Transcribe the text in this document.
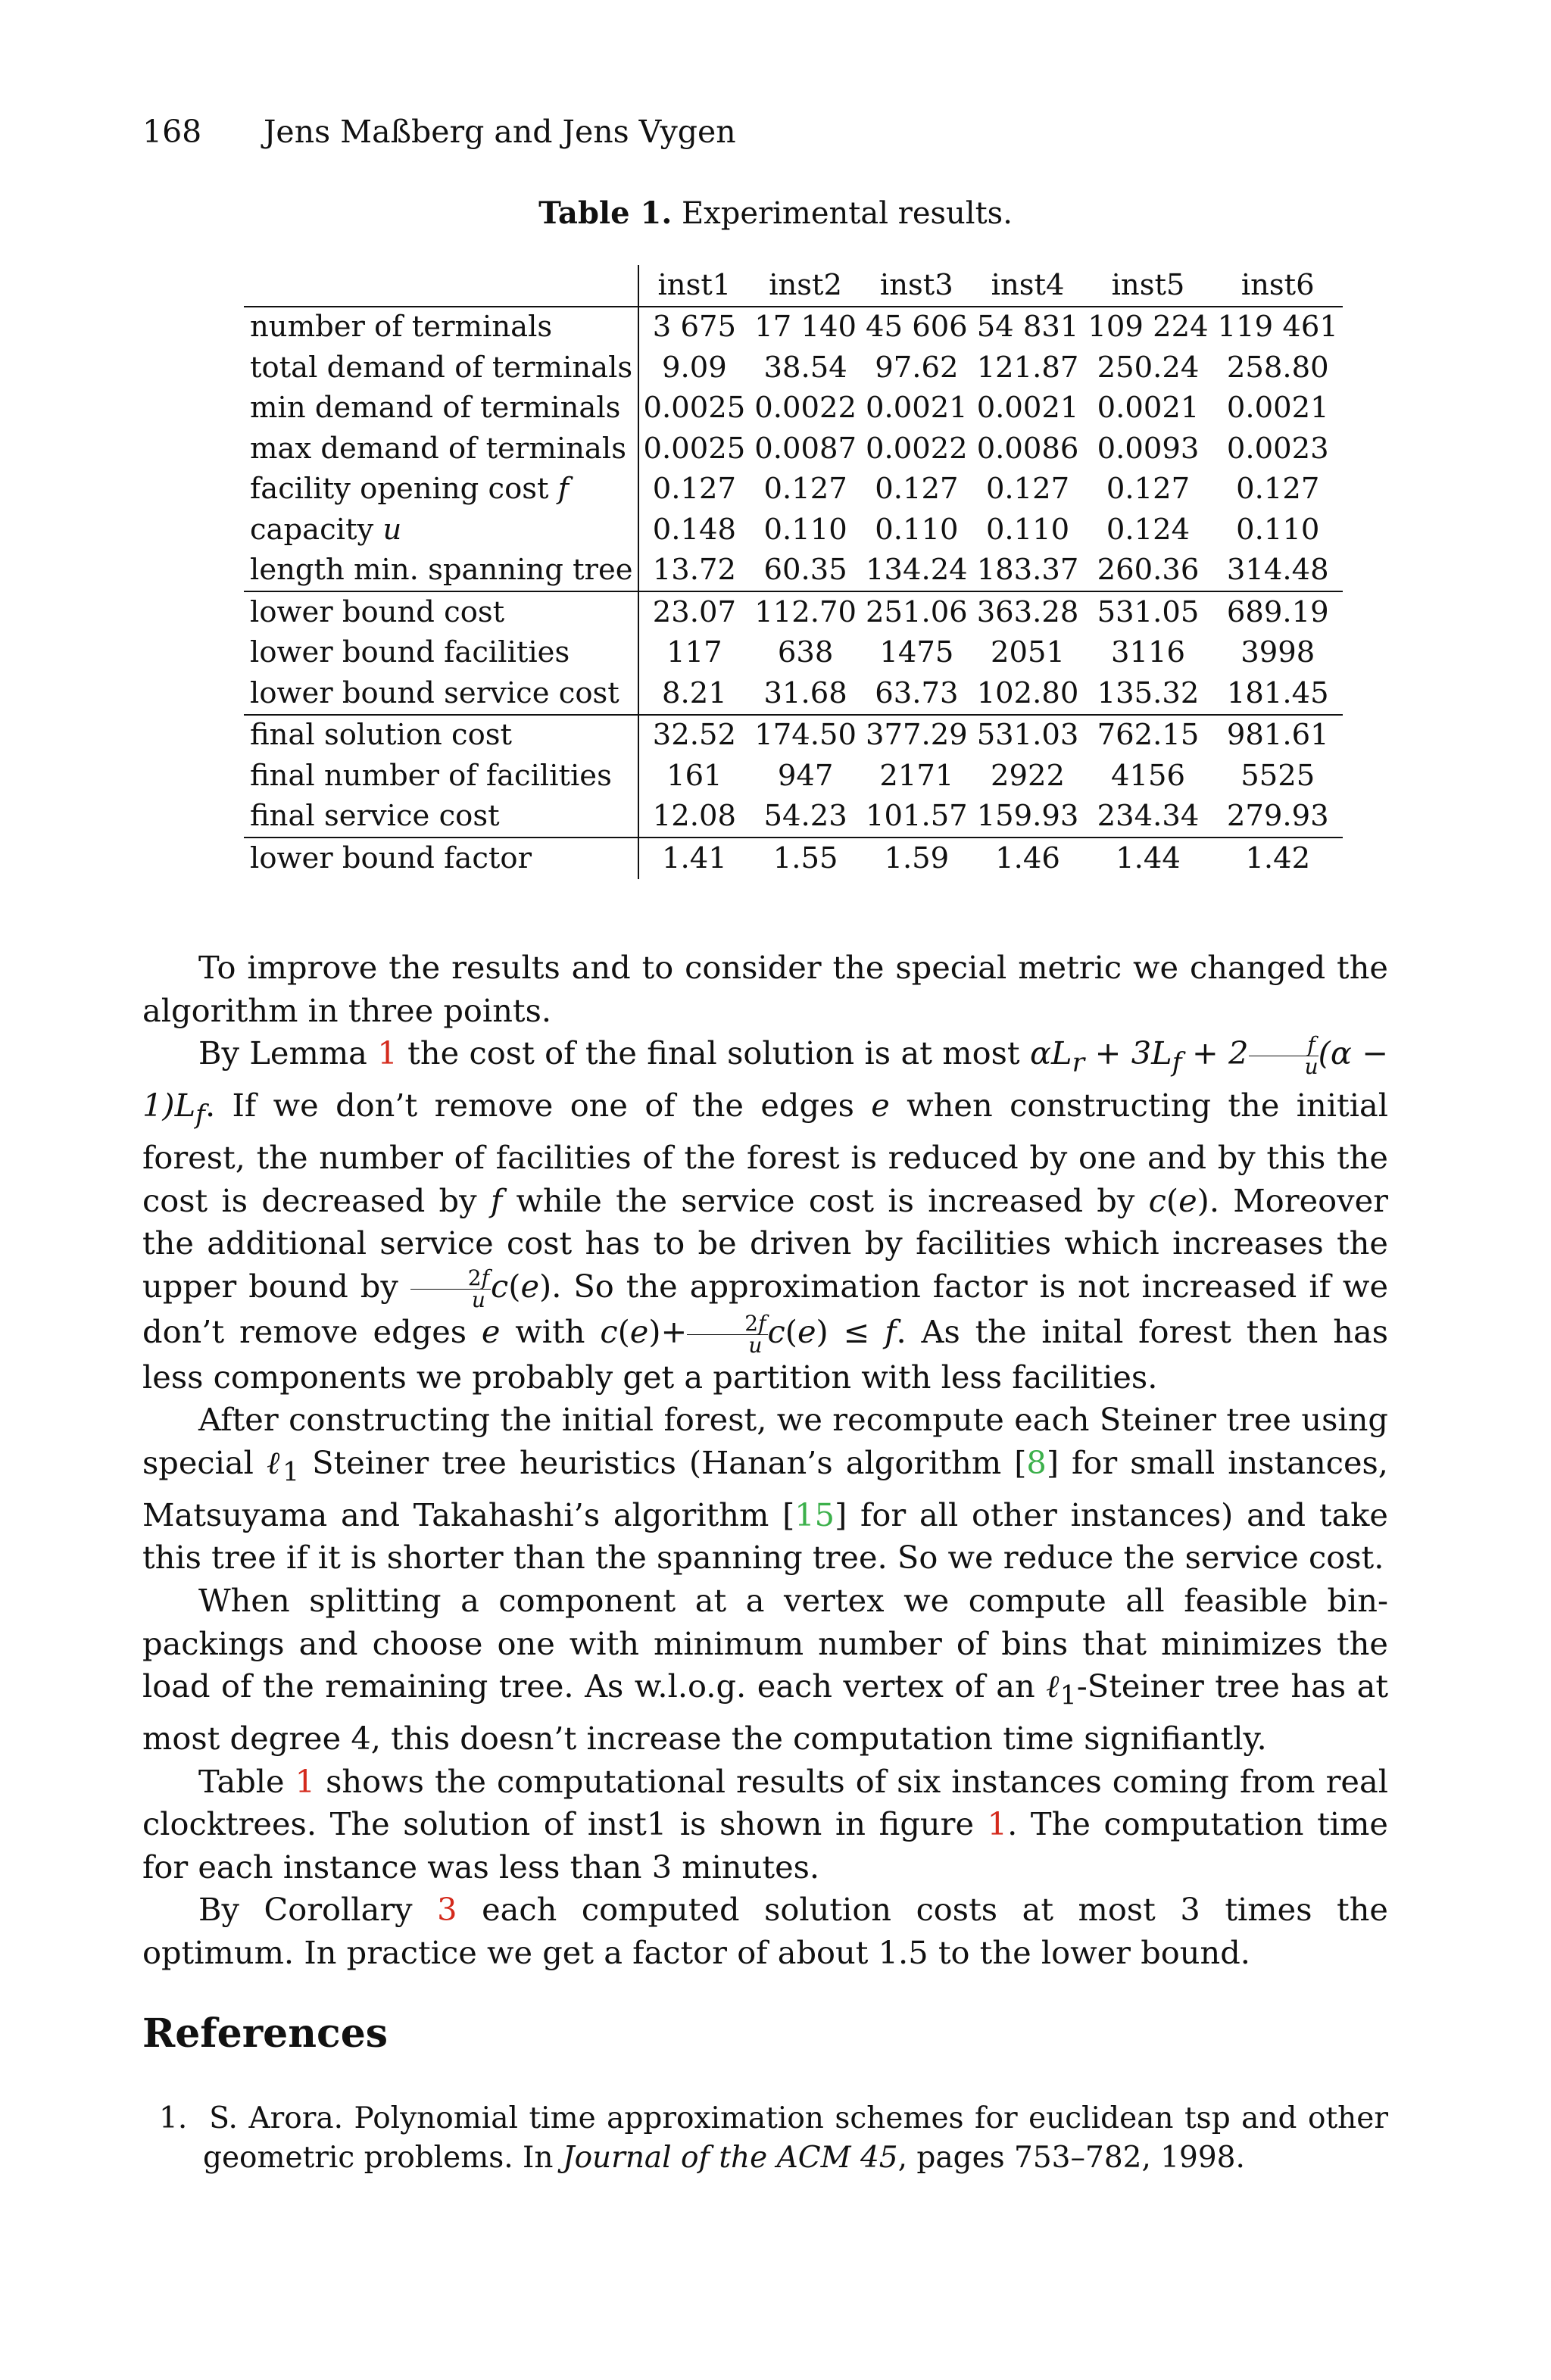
168 Jens Maßberg and Jens Vygen
Table 1. Experimental results.
	inst1	inst2	inst3	inst4	inst5	inst6
number of terminals	3 675	17 140	45 606	54 831	109 224	119 461
total demand of terminals	9.09	38.54	97.62	121.87	250.24	258.80
min demand of terminals	0.0025	0.0022	0.0021	0.0021	0.0021	0.0021
max demand of terminals	0.0025	0.0087	0.0022	0.0086	0.0093	0.0023
facility opening cost f	0.127	0.127	0.127	0.127	0.127	0.127
capacity u	0.148	0.110	0.110	0.110	0.124	0.110
length min. spanning tree	13.72	60.35	134.24	183.37	260.36	314.48
lower bound cost	23.07	112.70	251.06	363.28	531.05	689.19
lower bound facilities	117	638	1475	2051	3116	3998
lower bound service cost	8.21	31.68	63.73	102.80	135.32	181.45
final solution cost	32.52	174.50	377.29	531.03	762.15	981.61
final number of facilities	161	947	2171	2922	4156	5525
final service cost	12.08	54.23	101.57	159.93	234.34	279.93
lower bound factor	1.41	1.55	1.59	1.46	1.44	1.42

To improve the results and to consider the special metric we changed the algorithm in three points.

By Lemma 1 the cost of the final solution is at most $\alpha L_r + 3L_f + 2 \frac{f}{u} (\alpha - 1)L_f$. If we don’t remove one of the edges e when constructing the initial forest, the number of facilities of the forest is reduced by one and by this the cost is decreased by f while the service cost is increased by c(e). Moreover the additional service cost has to be driven by facilities which increases the upper bound by $\frac{2f}{u} c(e)$. So the approximation factor is not increased if we don’t remove edges e with $c(e)+ \frac{2f}{u} c(e) \le f$. As the inital forest then has less components we probably get a partition with less facilities.

After constructing the initial forest, we recompute each Steiner tree using special ℓ$_1$ Steiner tree heuristics (Hanan’s algorithm [8] for small instances, Matsuyama and Takahashi’s algorithm [15] for all other instances) and take this tree if it is shorter than the spanning tree. So we reduce the service cost.

When splitting a component at a vertex we compute all feasible bin-packings and choose one with minimum number of bins that minimizes the load of the remaining tree. As w.l.o.g. each vertex of an ℓ$_1$-Steiner tree has at most degree 4, this doesn’t increase the computation time signifiantly.

Table 1 shows the computational results of six instances coming from real clocktrees. The solution of inst1 is shown in figure 1. The computation time for each instance was less than 3 minutes.

By Corollary 3 each computed solution costs at most 3 times the optimum. In practice we get a factor of about 1.5 to the lower bound.

References
1. S. Arora. Polynomial time approximation schemes for euclidean tsp and other geometric problems. In Journal of the ACM 45, pages 753–782, 1998.
